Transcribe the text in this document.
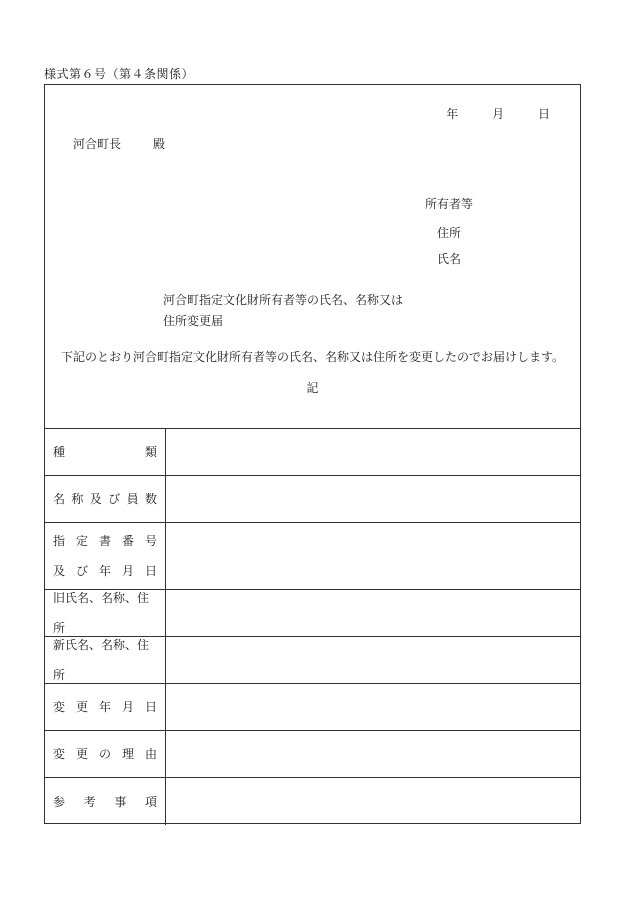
様式第６号（第４条関係）
年	月	日
河合町長	殿
所有者等
住所
氏名
河合町指定文化財所有者等の氏名、名称又は
住所変更届
下記のとおり河合町指定文化財所有者等の氏名、名称又は住所を変更したのでお届けします。
記
種	類
名 称 及 び 員 数
指 定 書 番 号
及 び 年 月 日
旧氏名、名称、住所
新氏名、名称、住所
変 更 年 月 日
変 更 の 理 由
参 考 事 項
